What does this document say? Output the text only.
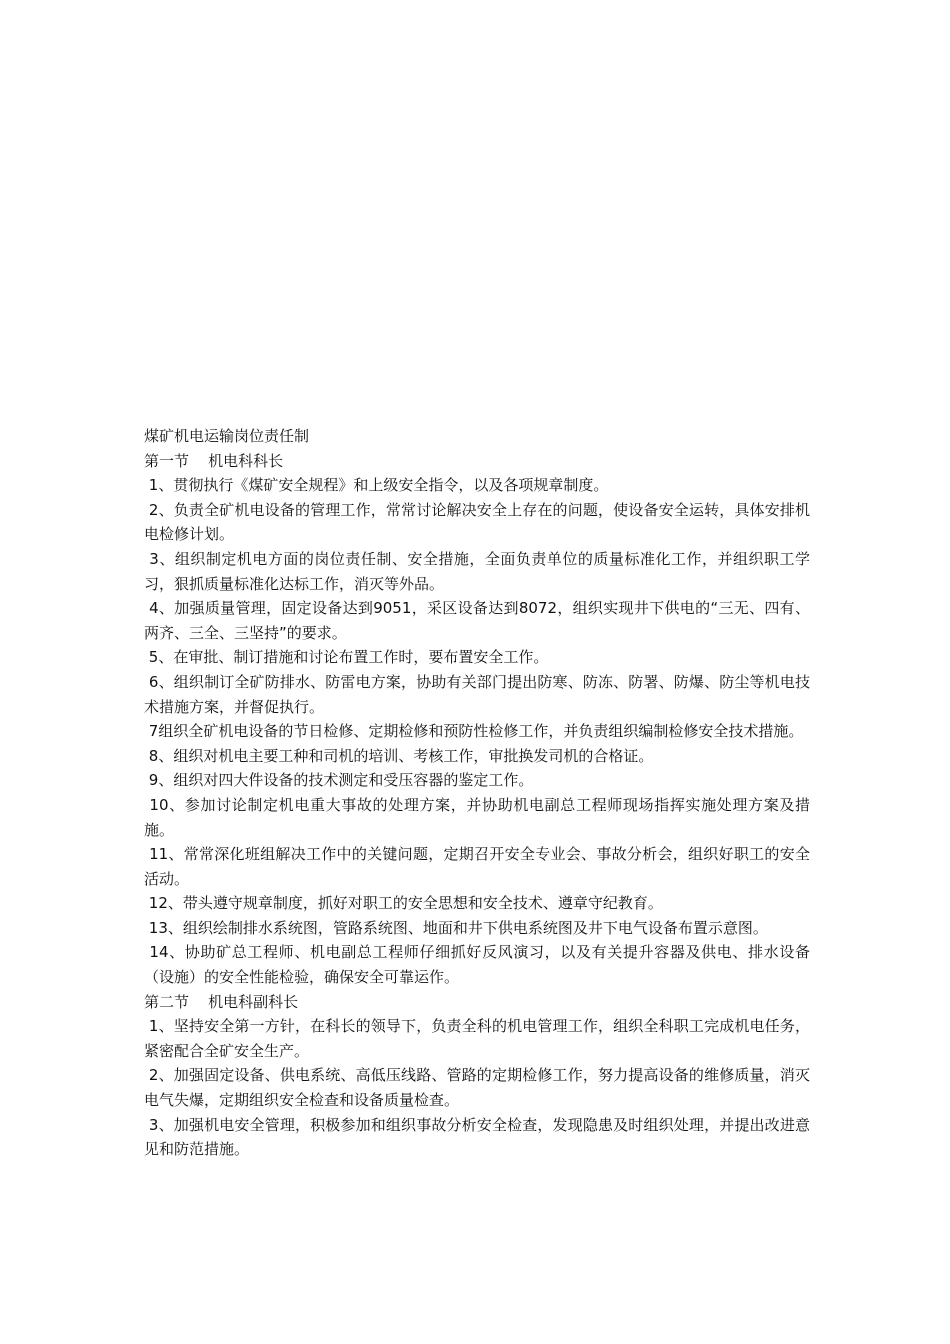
煤矿机电运输岗位责任制

第一节    机电科科长

1、贯彻执行《煤矿安全规程》和上级安全指令，以及各项规章制度。

2、负责全矿机电设备的管理工作，常常讨论解决安全上存在的问题，使设备安全运转，具体安排机电检修计划。

3、组织制定机电方面的岗位责任制、安全措施，全面负责单位的质量标准化工作，并组织职工学习，狠抓质量标准化达标工作，消灭等外品。

4、加强质量管理，固定设备达到9051，采区设备达到8072，组织实现井下供电的“三无、四有、两齐、三全、三坚持”的要求。

5、在审批、制订措施和讨论布置工作时，要布置安全工作。

6、组织制订全矿防排水、防雷电方案，协助有关部门提出防寒、防冻、防署、防爆、防尘等机电技术措施方案，并督促执行。

7组织全矿机电设备的节日检修、定期检修和预防性检修工作，并负责组织编制检修安全技术措施。

8、组织对机电主要工种和司机的培训、考核工作，审批换发司机的合格证。

9、组织对四大件设备的技术测定和受压容器的鉴定工作。

10、参加讨论制定机电重大事故的处理方案，并协助机电副总工程师现场指挥实施处理方案及措施。

11、常常深化班组解决工作中的关键问题，定期召开安全专业会、事故分析会，组织好职工的安全活动。

12、带头遵守规章制度，抓好对职工的安全思想和安全技术、遵章守纪教育。

13、组织绘制排水系统图，管路系统图、地面和井下供电系统图及井下电气设备布置示意图。

14、协助矿总工程师、机电副总工程师仔细抓好反风演习，以及有关提升容器及供电、排水设备（设施）的安全性能检验，确保安全可靠运作。

第二节    机电科副科长

1、坚持安全第一方针，在科长的领导下，负责全科的机电管理工作，组织全科职工完成机电任务，紧密配合全矿安全生产。

2、加强固定设备、供电系统、高低压线路、管路的定期检修工作，努力提高设备的维修质量，消灭电气失爆，定期组织安全检查和设备质量检查。

3、加强机电安全管理，积极参加和组织事故分析安全检查，发现隐患及时组织处理，并提出改进意见和防范措施。
